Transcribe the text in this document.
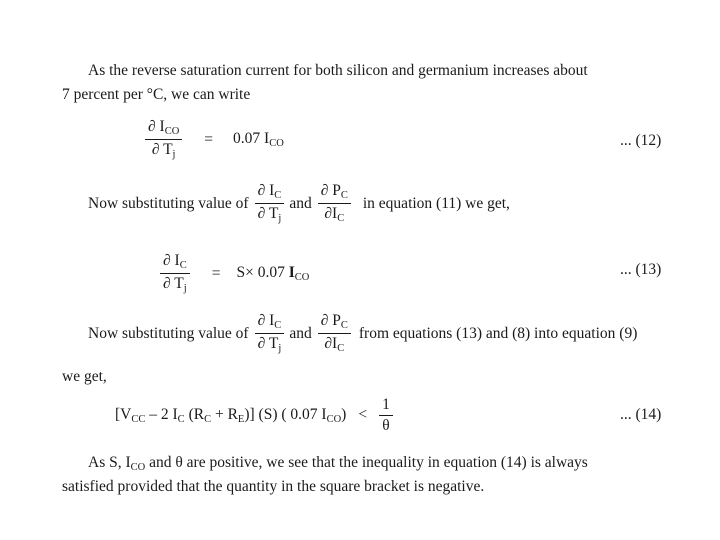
As the reverse saturation current for both silicon and germanium increases about
7 percent per °C, we can write
$\frac{\partial I_{CO}}{\partial T_j} = 0.07$ $I_{CO}$	... (12)
Now substituting value of $\frac{\partial I_C}{\partial T_j}$ and $\frac{\partial P_C}{\partial I_C}$ in equation (11) we get,
$\frac{\partial I_C}{\partial T_j} = S\times 0.07$ $I_{CO}$	... (13)
Now substituting value of $\frac{\partial I_C}{\partial T_j}$ and $\frac{\partial P_C}{\partial I_C}$ from equations (13) and (8) into equation (9)
we get,
[$V_{CC} - 2$ $I_C$ $(R_C + R_E)$] (S) ( 0.07 $I_{CO}) < \frac{1}{\theta}$	... (14)
As S, $I_{CO}$ and θ are positive, we see that the inequality in equation (14) is always
satisfied provided that the quantity in the square bracket is negative.
